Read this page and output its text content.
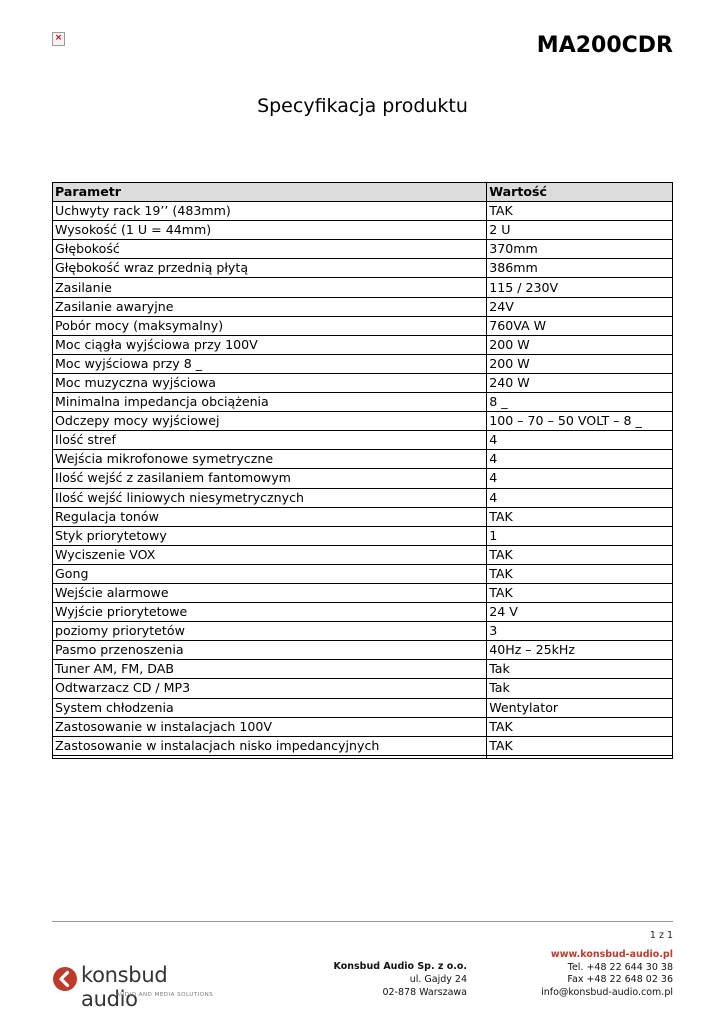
×	MA200CDR
Specyfikacja produktu
Parametr	Wartość
Uchwyty rack 19’’ (483mm)	TAK
Wysokość (1 U = 44mm)	2 U
Głębokość	370mm
Głębokość wraz przednią płytą	386mm
Zasilanie	115 / 230V
Zasilanie awaryjne	24V
Pobór mocy (maksymalny)	760VA W
Moc ciągła wyjściowa przy 100V	200 W
Moc wyjściowa przy 8 _	200 W
Moc muzyczna wyjściowa	240 W
Minimalna impedancja obciążenia	8 _
Odczepy mocy wyjściowej	100 – 70 – 50 VOLT – 8 _
Ilość stref	4
Wejścia mikrofonowe symetryczne	4
Ilość wejść z zasilaniem fantomowym	4
Ilość wejść liniowych niesymetrycznych	4
Regulacja tonów	TAK
Styk priorytetowy	1
Wyciszenie VOX	TAK
Gong	TAK
Wejście alarmowe	TAK
Wyjście priorytetowe	24 V
poziomy priorytetów	3
Pasmo przenoszenia	40Hz – 25kHz
Tuner AM, FM, DAB	Tak
Odtwarzacz CD / MP3	Tak
System chłodzenia	Wentylator
Zastosowanie w instalacjach 100V	TAK
Zastosowanie w instalacjach nisko impedancyjnych	TAK

1 z 1
konsbud audio
AUDIO AND MEDIA SOLUTIONS
Konsbud Audio Sp. z o.o.
ul. Gajdy 24
02-878 Warszawa
www.konsbud-audio.pl
Tel. +48 22 644 30 38
Fax +48 22 648 02 36
info@konsbud-audio.com.pl
